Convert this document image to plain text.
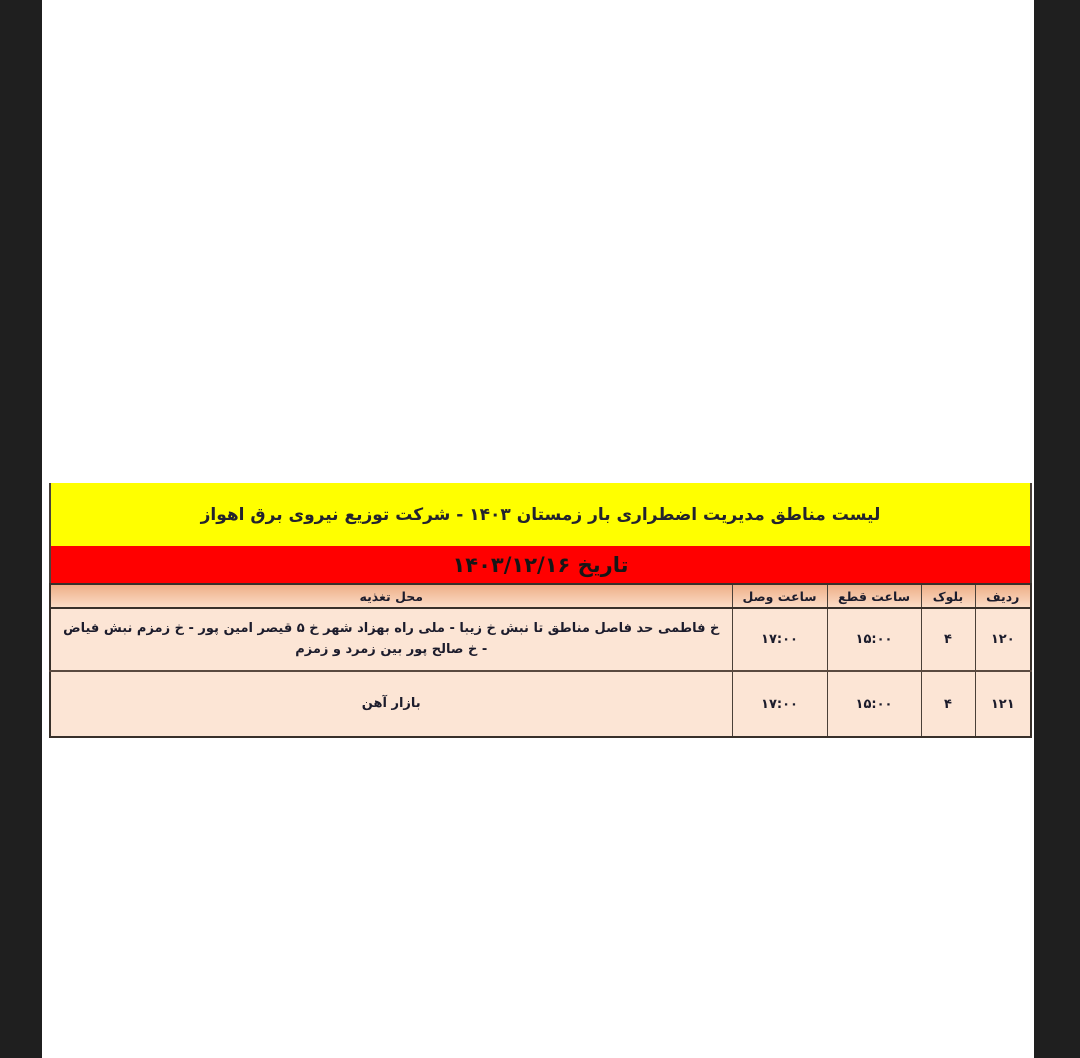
لیست مناطق مدیریت اضطراری بار زمستان ۱۴۰۳ - شرکت توزیع نیروی برق اهواز
تاریخ ۱۴۰۳/۱۲/۱۶
ردیف	بلوک	ساعت قطع	ساعت وصل	محل تغذیه
۱۲۰	۴	۱۵:۰۰	۱۷:۰۰	خ فاطمی حد فاصل مناطق تا نبش خ زیبا - ملی راه بهزاد شهر خ ۵ قیصر امین پور - خ زمزم نبش فیاض - خ صالح پور بین زمرد و زمزم
۱۲۱	۴	۱۵:۰۰	۱۷:۰۰	بازار آهن
